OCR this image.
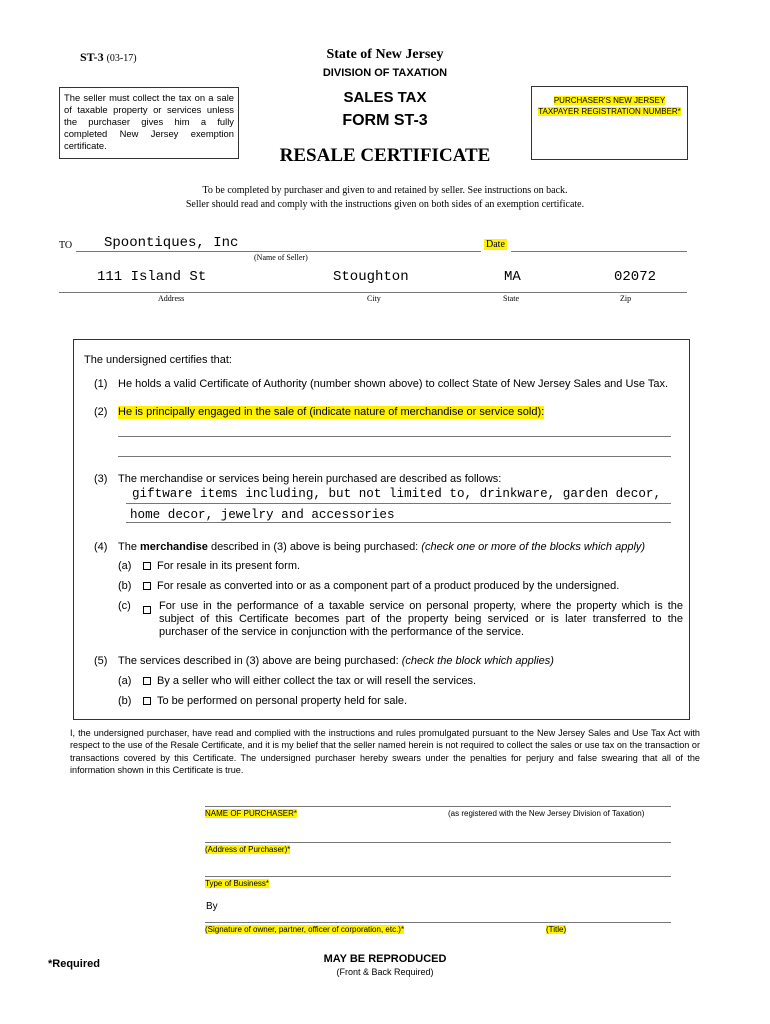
ST-3 (03-17)	State of New Jersey
DIVISION OF TAXATION
SALES TAX
FORM ST-3
RESALE CERTIFICATE
The seller must collect the tax on a sale of taxable property or services unless the purchaser gives him a fully completed New Jersey exemption certificate.
PURCHASER'S NEW JERSEY
TAXPAYER REGISTRATION NUMBER*
To be completed by purchaser and given to and retained by seller. See instructions on back.
Seller should read and comply with the instructions given on both sides of an exemption certificate.
TO Spoontiques, Inc	Date
(Name of Seller)
111 Island St	Stoughton	MA	02072
Address	City	State	Zip
The undersigned certifies that:
(1) He holds a valid Certificate of Authority (number shown above) to collect State of New Jersey Sales and Use Tax.
(2) He is principally engaged in the sale of (indicate nature of merchandise or service sold):
(3) The merchandise or services being herein purchased are described as follows:
giftware items including, but not limited to, drinkware, garden decor,
home decor, jewelry and accessories
(4) The merchandise described in (3) above is being purchased: (check one or more of the blocks which apply)
(a)	For resale in its present form.
(b)	For resale as converted into or as a component part of a product produced by the undersigned.
(c)	For use in the performance of a taxable service on personal property, where the property which is the subject of this Certificate becomes part of the property being serviced or is later transferred to the purchaser of the service in conjunction with the performance of the service.
(5) The services described in (3) above are being purchased: (check the block which applies)
(a)	By a seller who will either collect the tax or will resell the services.
(b)	To be performed on personal property held for sale.
I, the undersigned purchaser, have read and complied with the instructions and rules promulgated pursuant to the New Jersey Sales and Use Tax Act with respect to the use of the Resale Certificate, and it is my belief that the seller named herein is not required to collect the sales or use tax on the transaction or transactions covered by this Certificate. The undersigned purchaser hereby swears under the penalties for perjury and false swearing that all of the information shown in this Certificate is true.
NAME OF PURCHASER*	(as registered with the New Jersey Division of Taxation)
(Address of Purchaser)*
Type of Business*
By
(Signature of owner, partner, officer of corporation, etc.)*	(Title)
*Required	MAY BE REPRODUCED
(Front & Back Required)
